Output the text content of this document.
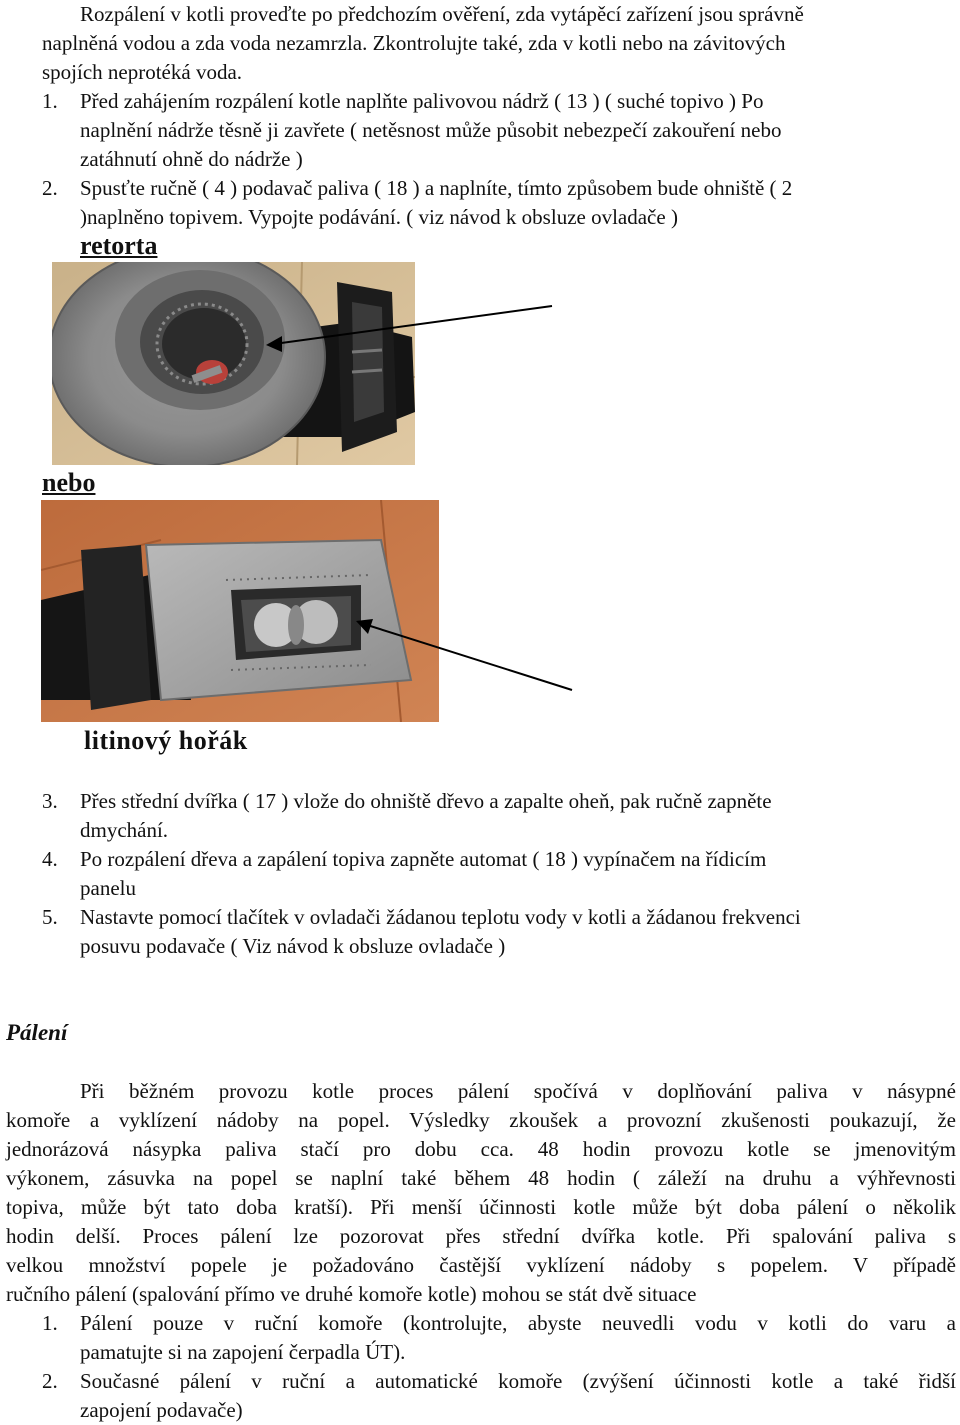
Rozpálení v kotli proveďte po předchozím ověření, zda vytápěcí zařízení jsou správně
naplněná vodou a zda voda nezamrzla. Zkontrolujte také, zda v kotli nebo na závitových
spojích neprotéká voda.
1. Před zahájením rozpálení kotle naplňte palivovou nádrž ( 13 ) ( suché topivo ) Po
naplnění nádrže těsně ji zavřete ( netěsnost může působit nebezpečí zakouření nebo
zatáhnutí ohně do nádrže )
2. Spusťte ručně ( 4 ) podavač paliva ( 18 ) a naplníte, tímto způsobem bude ohniště ( 2
)naplněno topivem. Vypojte podávání. ( viz návod k obsluze ovladače )
retorta
nebo
litinový hořák
3. Přes střední dvířka ( 17 ) vlože do ohniště dřevo a zapalte oheň, pak ručně zapněte
dmychání.
4. Po rozpálení dřeva a zapálení topiva zapněte automat ( 18 ) vypínačem na řídicím
panelu
5. Nastavte pomocí tlačítek v ovladači žádanou teplotu vody v kotli a žádanou frekvenci
posuvu podavače ( Viz návod k obsluze ovladače )
Pálení
Při běžném provozu kotle proces pálení spočívá v doplňování paliva v násypné
komoře a vyklízení nádoby na popel. Výsledky zkoušek a provozní zkušenosti poukazují, že
jednorázová násypka paliva stačí pro dobu cca. 48 hodin provozu kotle se jmenovitým
výkonem, zásuvka na popel se naplní také během 48 hodin ( záleží na druhu a výhřevnosti
topiva, může být tato doba kratší). Při menší účinnosti kotle může být doba pálení o několik
hodin delší. Proces pálení lze pozorovat přes střední dvířka kotle. Při spalování paliva s
velkou množství popele je požadováno častější vyklízení nádoby s popelem. V případě
ručního pálení (spalování přímo ve druhé komoře kotle) mohou se stát dvě situace
1. Pálení pouze v ruční komoře (kontrolujte, abyste neuvedli vodu v kotli do varu a
pamatujte si na zapojení čerpadla ÚT).
2. Současné pálení v ruční a automatické komoře (zvýšení účinnosti kotle a také řidší
zapojení podavače)
